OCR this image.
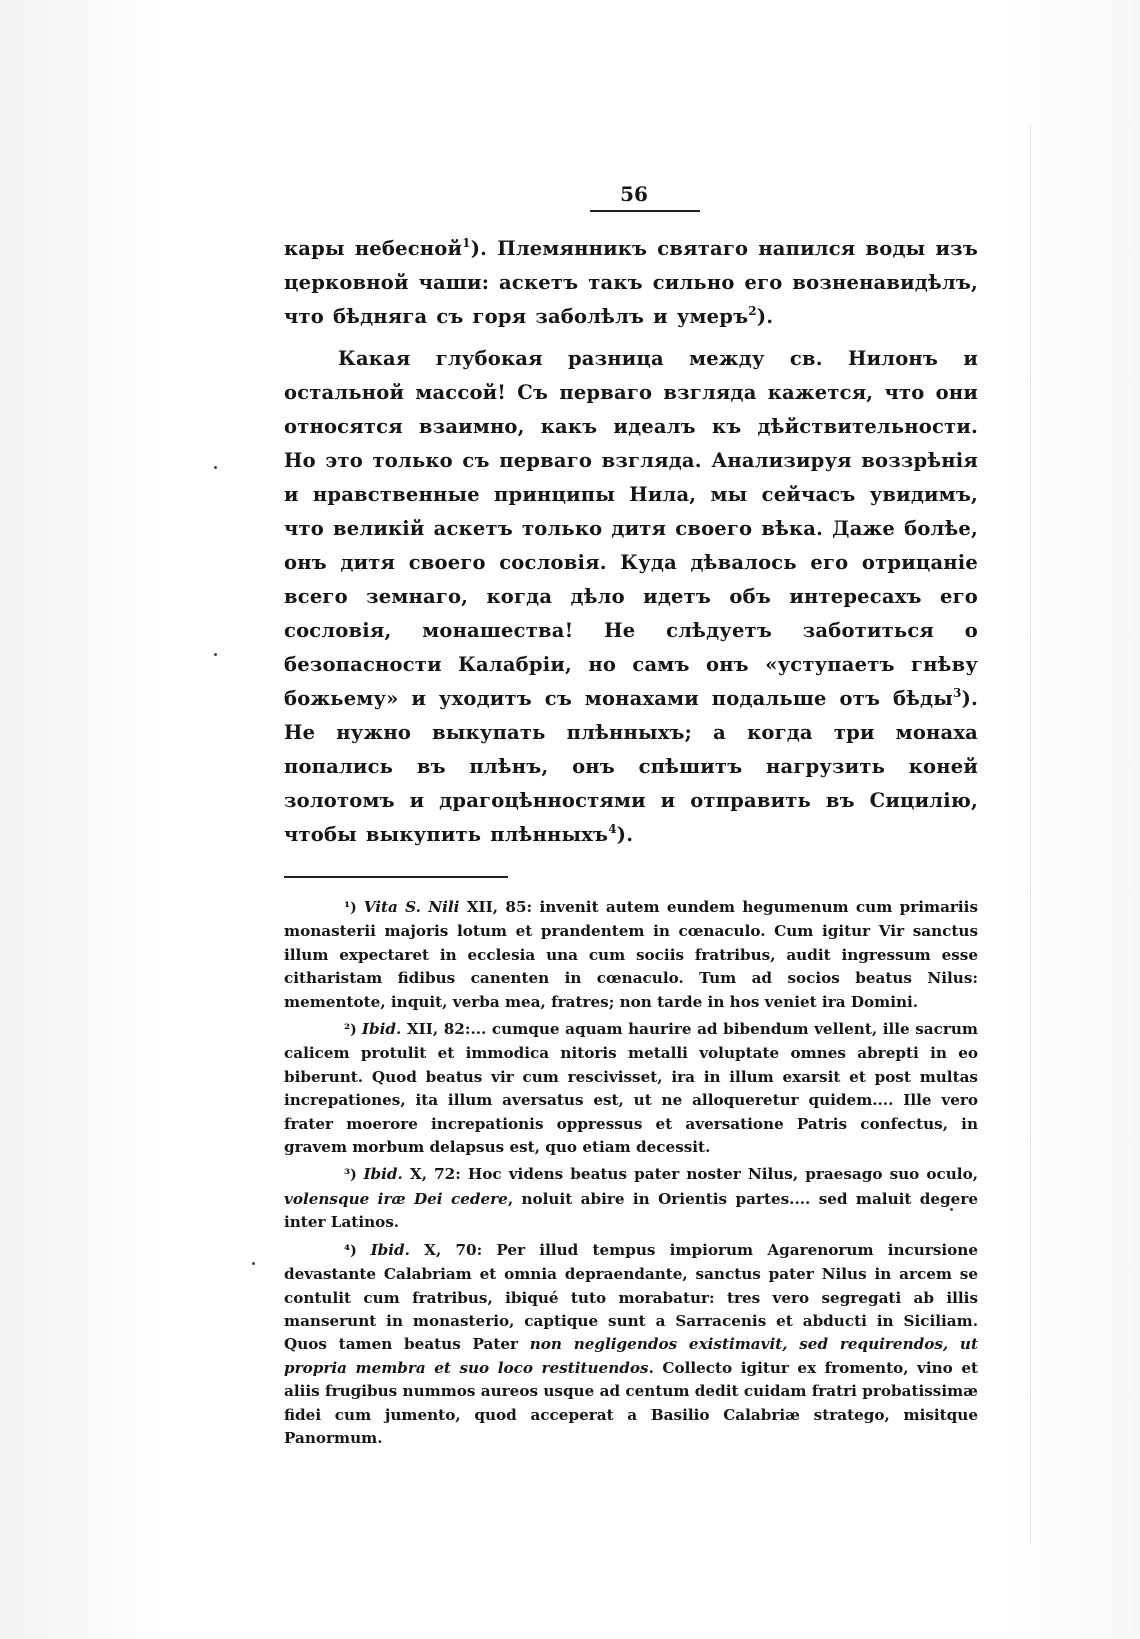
56

кары небесной$^1$). Племянникъ святаго напился воды изъ церковной чаши: аскетъ такъ сильно его возненавидѣлъ, что бѣдняга съ горя заболѣлъ и умеръ$^2$).

Какая глубокая разница между св. Нилонъ и остальной массой! Съ перваго взгляда кажется, что они относятся взаимно, какъ идеалъ къ дѣйствительности. Но это только съ перваго взгляда. Анализируя воззрѣнія и нравственные принципы Нила, мы сейчасъ увидимъ, что великій аскетъ только дитя своего вѣка. Даже болѣе, онъ дитя своего сословія. Куда дѣвалось его отрицаніе всего земнаго, когда дѣло идетъ объ интересахъ его сословія, монашества! Не слѣдуетъ заботиться о безопасности Калабріи, но самъ онъ «уступаетъ гнѣву божьему» и уходитъ съ монахами подальше отъ бѣды$^3$). Не нужно выкупать плѣнныхъ; а когда три монаха попались въ плѣнъ, онъ спѣшитъ нагрузить коней золотомъ и драгоцѣнностями и отправить въ Сицилію, чтобы выкупить плѣнныхъ$^4$).

¹) Vita S. Nili XII, 85: invenit autem eundem hegumenum cum primariis monasterii majoris lotum et prandentem in cœnaculo. Cum igitur Vir sanctus illum expectaret in ecclesia una cum sociis fratribus, audit ingressum esse citharistam fidibus canenten in cœnaculo. Tum ad socios beatus Nilus: mementote, inquit, verba mea, fratres; non tarde in hos veniet ira Domini.

²) Ibid. XII, 82:... cumque aquam haurire ad bibendum vellent, ille sacrum calicem protulit et immodica nitoris metalli voluptate omnes abrepti in eo biberunt. Quod beatus vir cum rescivisset, ira in illum exarsit et post multas increpationes, ita illum aversatus est, ut ne alloqueretur quidem.... Ille vero frater moerore increpationis oppressus et aversatione Patris confectus, in gravem morbum delapsus est, quo etiam decessit.

³) Ibid. X, 72: Hoc videns beatus pater noster Nilus, praesago suo oculo, volensque iræ Dei cedere, noluit abire in Orientis partes.... sed maluit degere inter Latinos.

⁴) Ibid. X, 70: Per illud tempus impiorum Agarenorum incursione devastante Calabriam et omnia depraendante, sanctus pater Nilus in arcem se contulit cum fratribus, ibiqué tuto morabatur: tres vero segregati ab illis manserunt in monasterio, captique sunt a Sarracenis et abducti in Siciliam. Quos tamen beatus Pater non negligendos existimavit, sed requirendos, ut propria membra et suo loco restituendos. Collecto igitur ex fromento, vino et aliis frugibus nummos aureos usque ad centum dedit cuidam fratri probatissimæ fidei cum jumento, quod acceperat a Basilio Calabriæ stratego, misitque Panormum.
